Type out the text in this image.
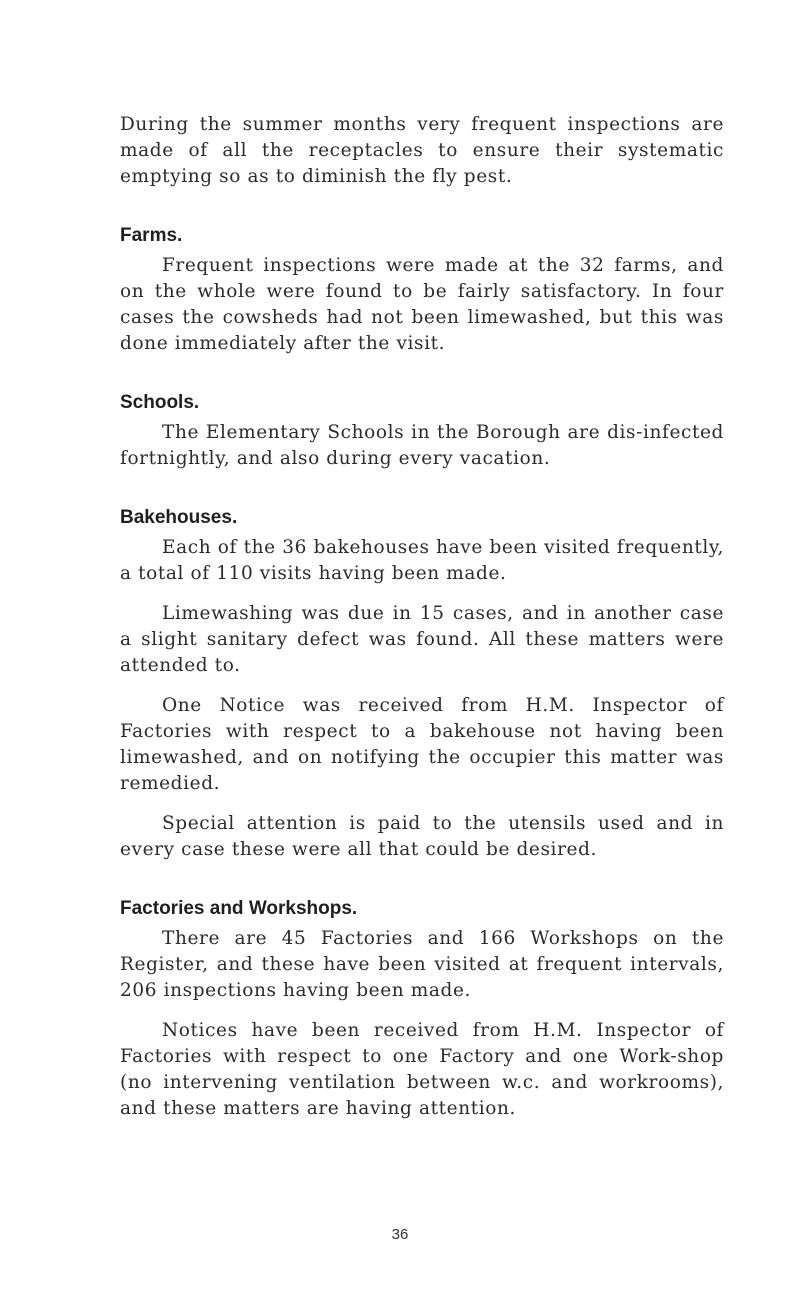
During the summer months very frequent inspections are made of all the receptacles to ensure their systematic emptying so as to diminish the fly pest.

Farms.

Frequent inspections were made at the 32 farms, and on the whole were found to be fairly satisfactory. In four cases the cowsheds had not been limewashed, but this was done immediately after the visit.

Schools.

The Elementary Schools in the Borough are dis-infected fortnightly, and also during every vacation.

Bakehouses.

Each of the 36 bakehouses have been visited frequently, a total of 110 visits having been made.

Limewashing was due in 15 cases, and in another case a slight sanitary defect was found. All these matters were attended to.

One Notice was received from H.M. Inspector of Factories with respect to a bakehouse not having been limewashed, and on notifying the occupier this matter was remedied.

Special attention is paid to the utensils used and in every case these were all that could be desired.

Factories and Workshops.

There are 45 Factories and 166 Workshops on the Register, and these have been visited at frequent intervals, 206 inspections having been made.

Notices have been received from H.M. Inspector of Factories with respect to one Factory and one Work-shop (no intervening ventilation between w.c. and workrooms), and these matters are having attention.

36
